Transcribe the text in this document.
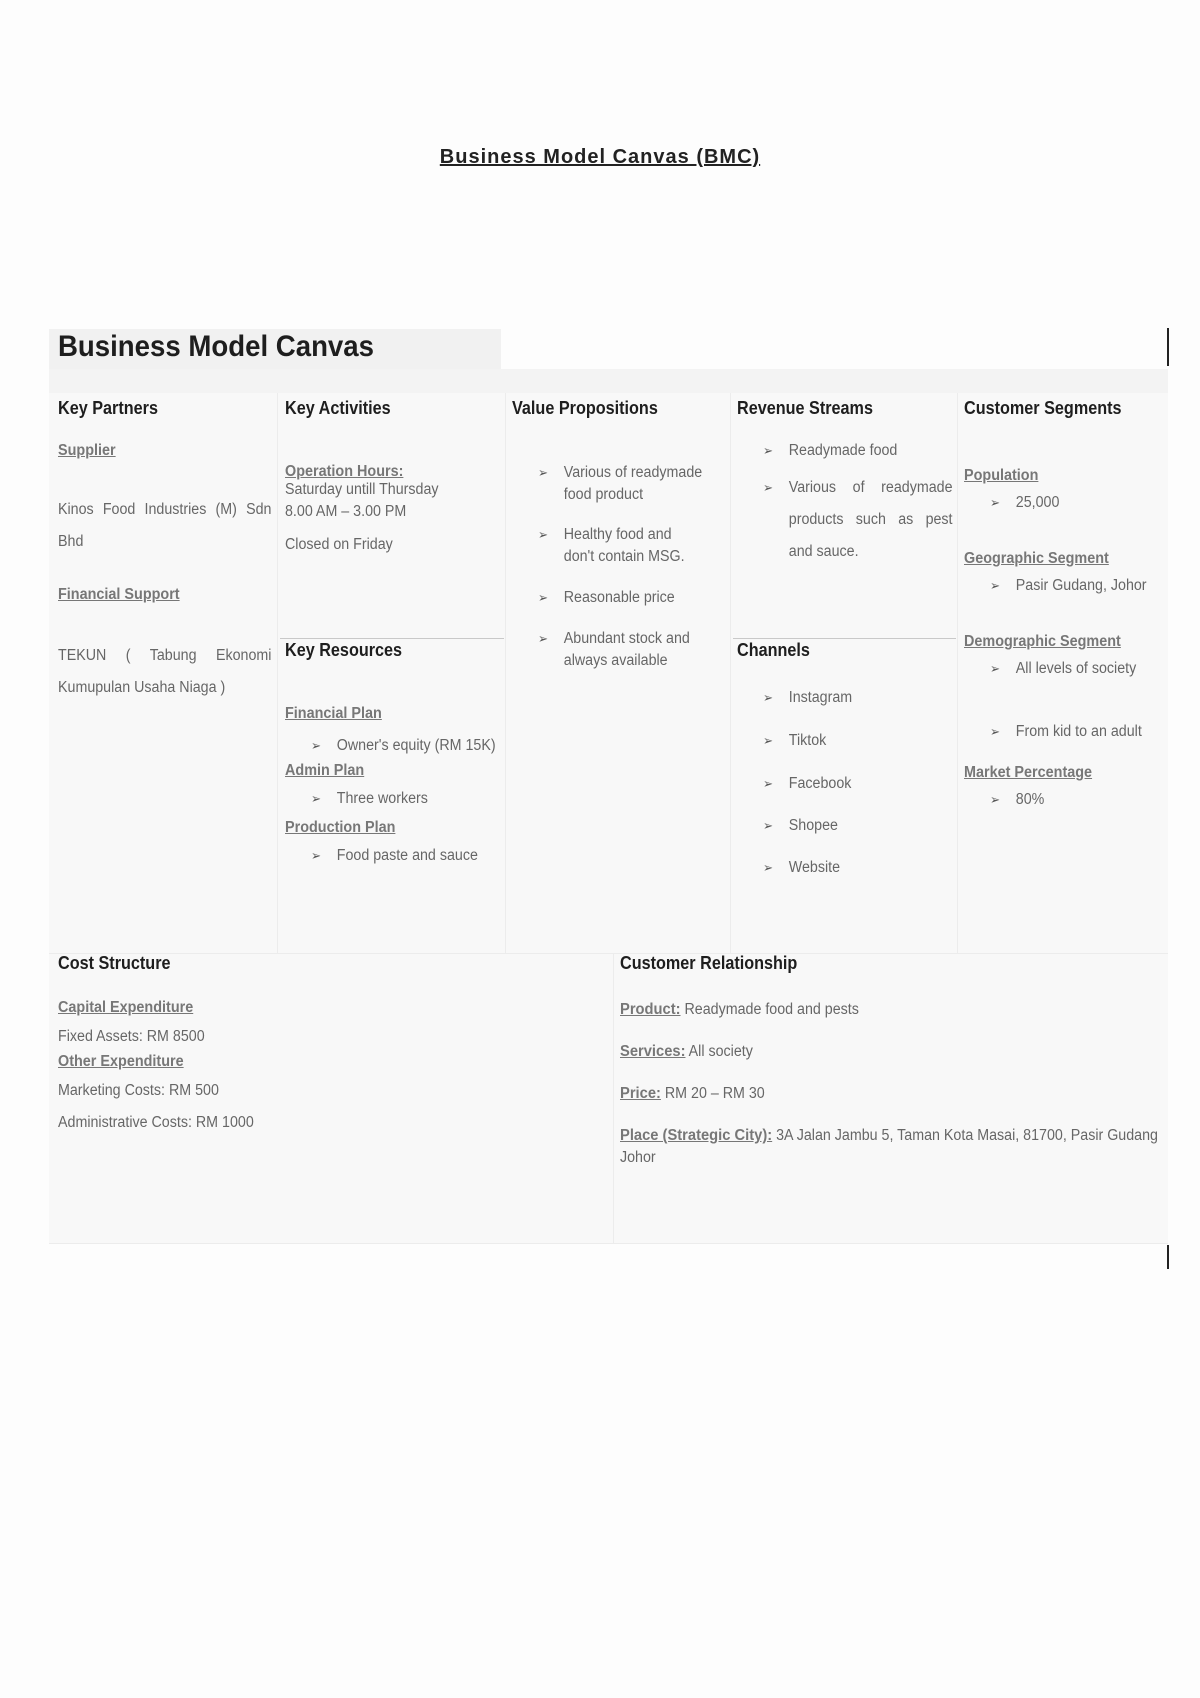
Business Model Canvas (BMC)
Business Model Canvas
Key Partners
Supplier
Kinos Food Industries (M) Sdn Bhd
Financial Support
TEKUN ( Tabung Ekonomi Kumupulan Usaha Niaga )
Key Activities
Operation Hours:
Saturday untill Thursday
8.00 AM – 3.00 PM
Closed on Friday
Key Resources
Financial Plan
➢ Owner's equity (RM 15K)
Admin Plan
➢ Three workers
Production Plan
➢ Food paste and sauce
Value Propositions
➢ Various of readymade food product
➢ Healthy food and don't contain MSG.
➢ Reasonable price
➢ Abundant stock and always available
Revenue Streams
➢ Readymade food
➢ Various of readymade products such as pest and sauce.
Channels
➢ Instagram
➢ Tiktok
➢ Facebook
➢ Shopee
➢ Website
Customer Segments
Population
➢ 25,000
Geographic Segment
➢ Pasir Gudang, Johor
Demographic Segment
➢ All levels of society
➢ From kid to an adult
Market Percentage
➢ 80%
Cost Structure
Capital Expenditure
Fixed Assets: RM 8500
Other Expenditure
Marketing Costs: RM 500
Administrative Costs: RM 1000
Customer Relationship
Product: Readymade food and pests
Services: All society
Price: RM 20 – RM 30
Place (Strategic City): 3A Jalan Jambu 5, Taman Kota Masai, 81700, Pasir Gudang Johor
